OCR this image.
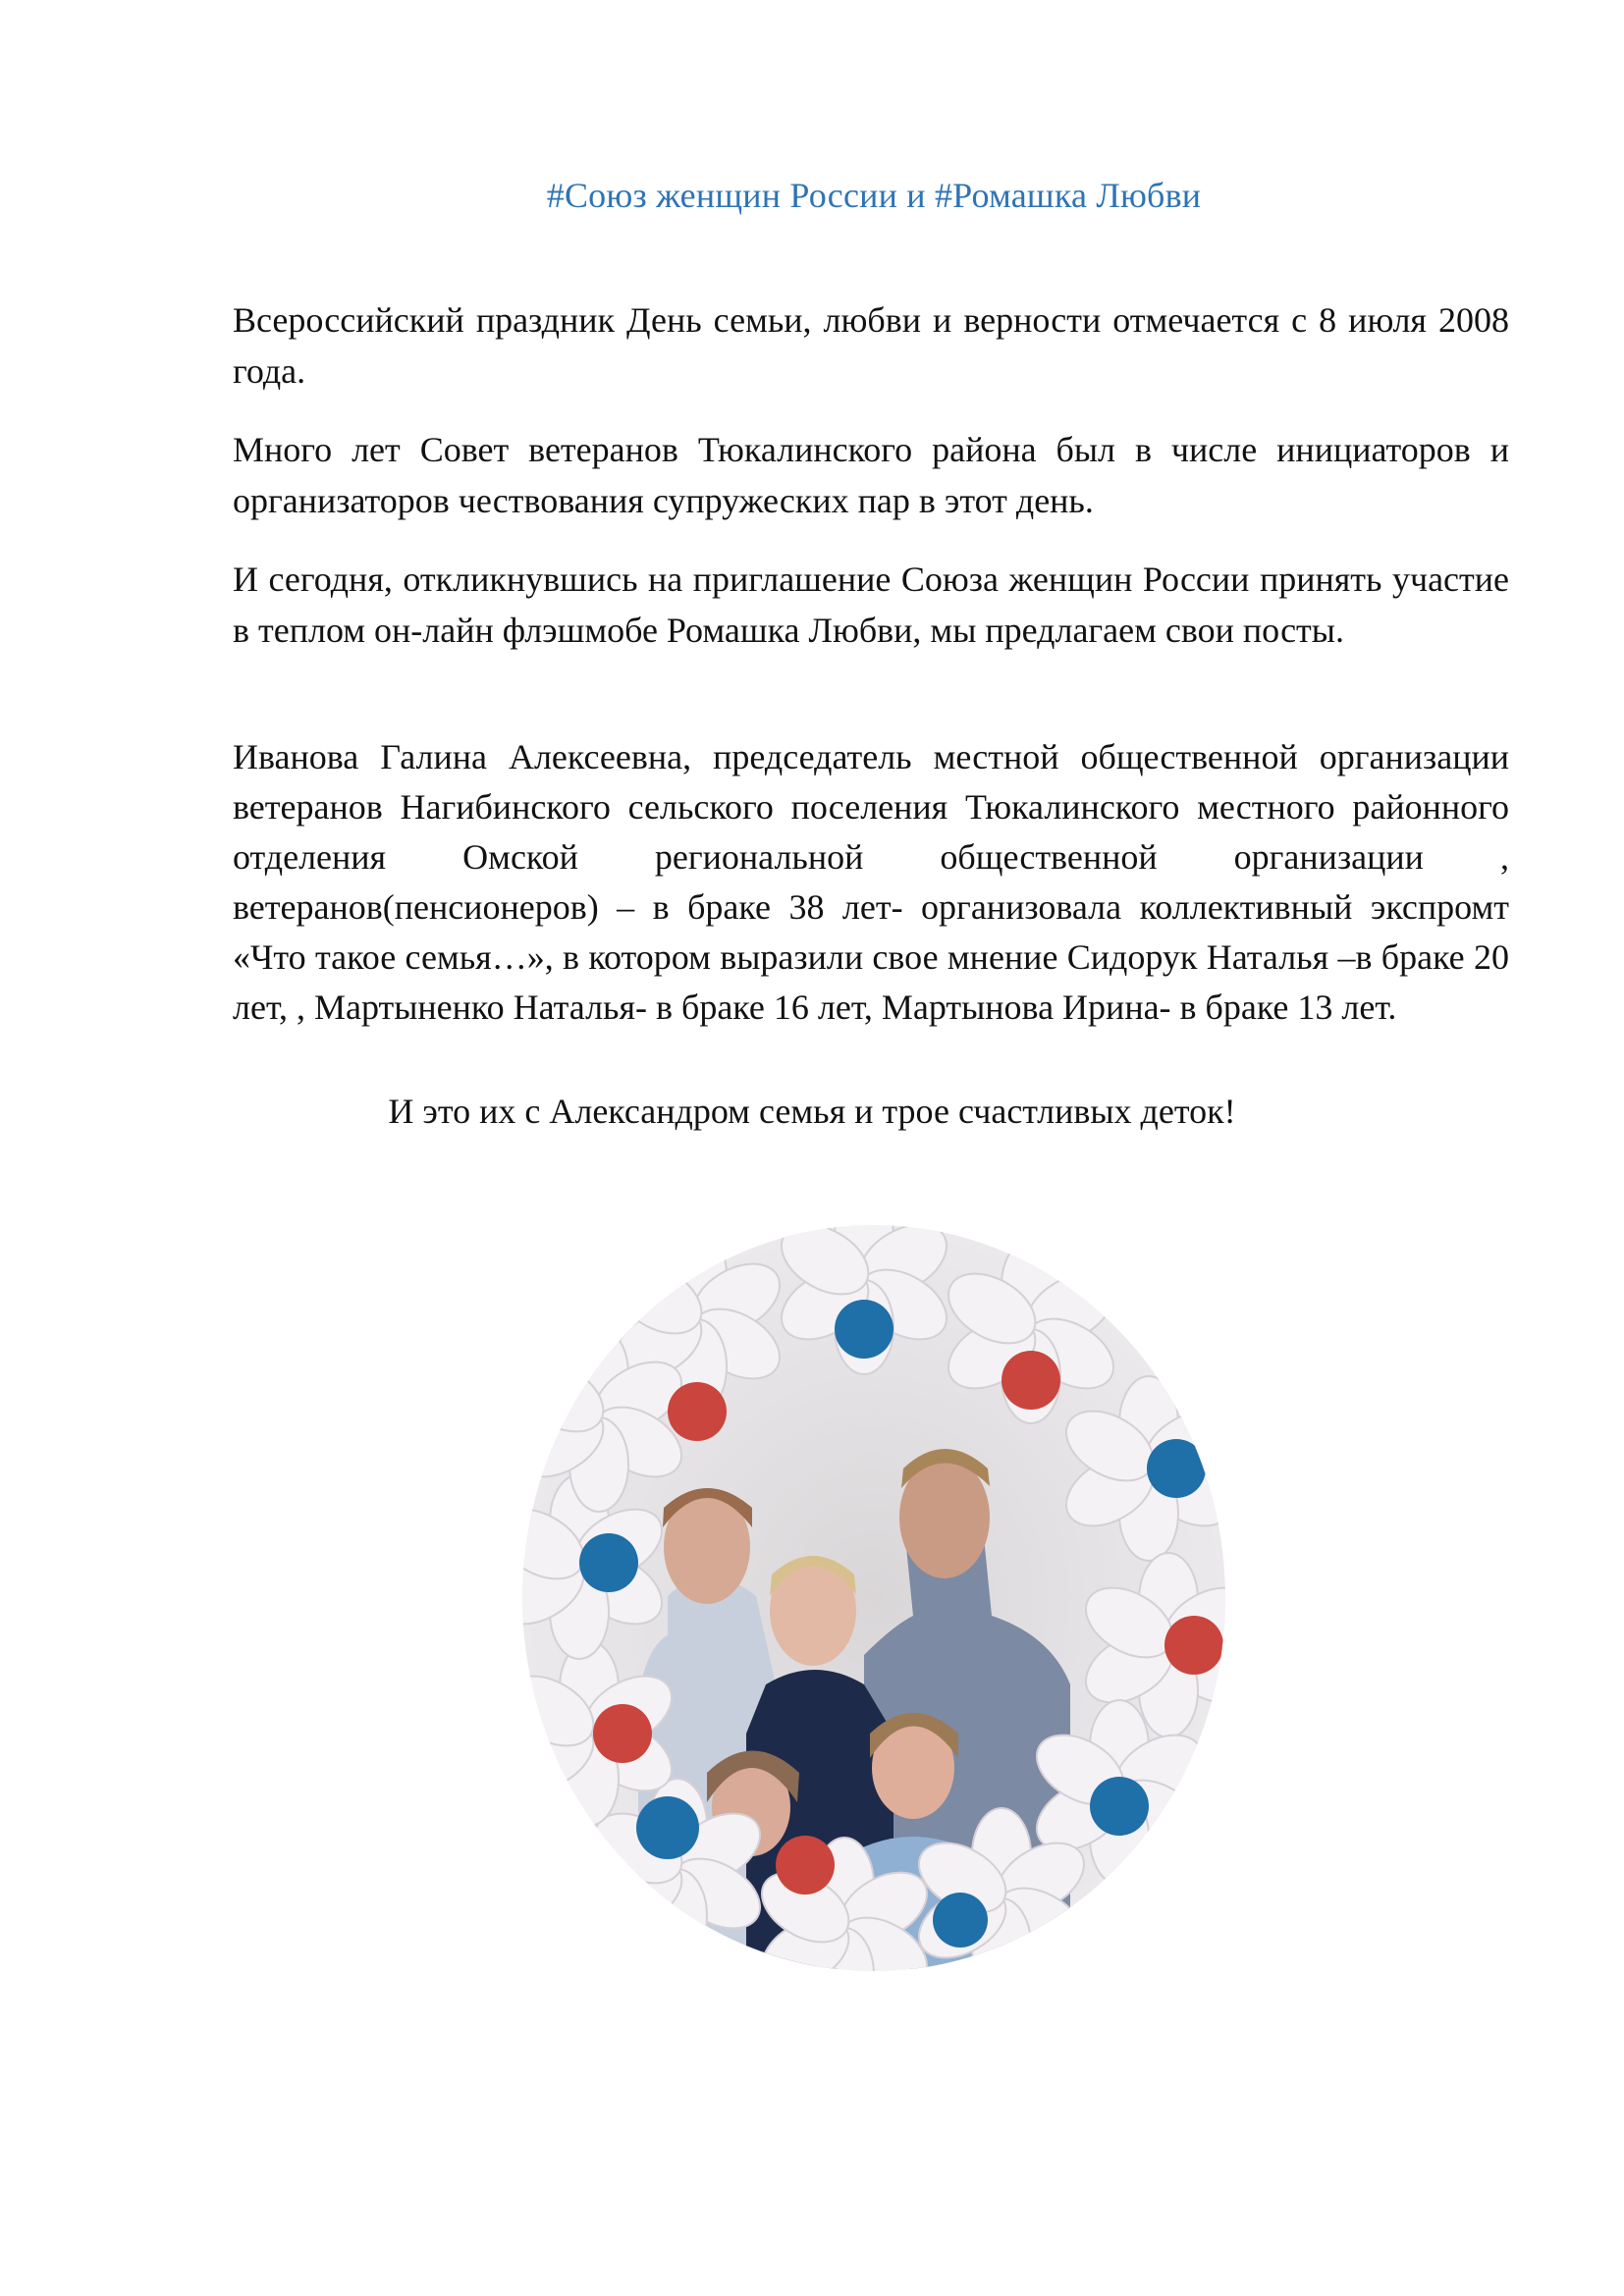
#Союз женщин России и #Ромашка Любви
Всероссийский праздник День семьи, любви и верности отмечается с 8 июля 2008 года.
Много лет Совет ветеранов Тюкалинского района был в числе инициаторов и организаторов чествования супружеских пар в этот день.
И сегодня, откликнувшись на приглашение Союза женщин России принять участие в теплом он-лайн флэшмобе Ромашка Любви, мы предлагаем свои посты.
Иванова Галина Алексеевна, председатель местной общественной организации ветеранов Нагибинского сельского поселения Тюкалинского местного районного отделения Омской региональной общественной организации , ветеранов(пенсионеров) – в браке 38 лет- организовала коллективный экспромт «Что такое семья…», в котором выразили свое мнение Сидорук Наталья –в браке 20 лет, , Мартыненко Наталья- в браке 16 лет, Мартынова Ирина- в браке 13 лет.
И это их с Александром семья и трое счастливых деток!
